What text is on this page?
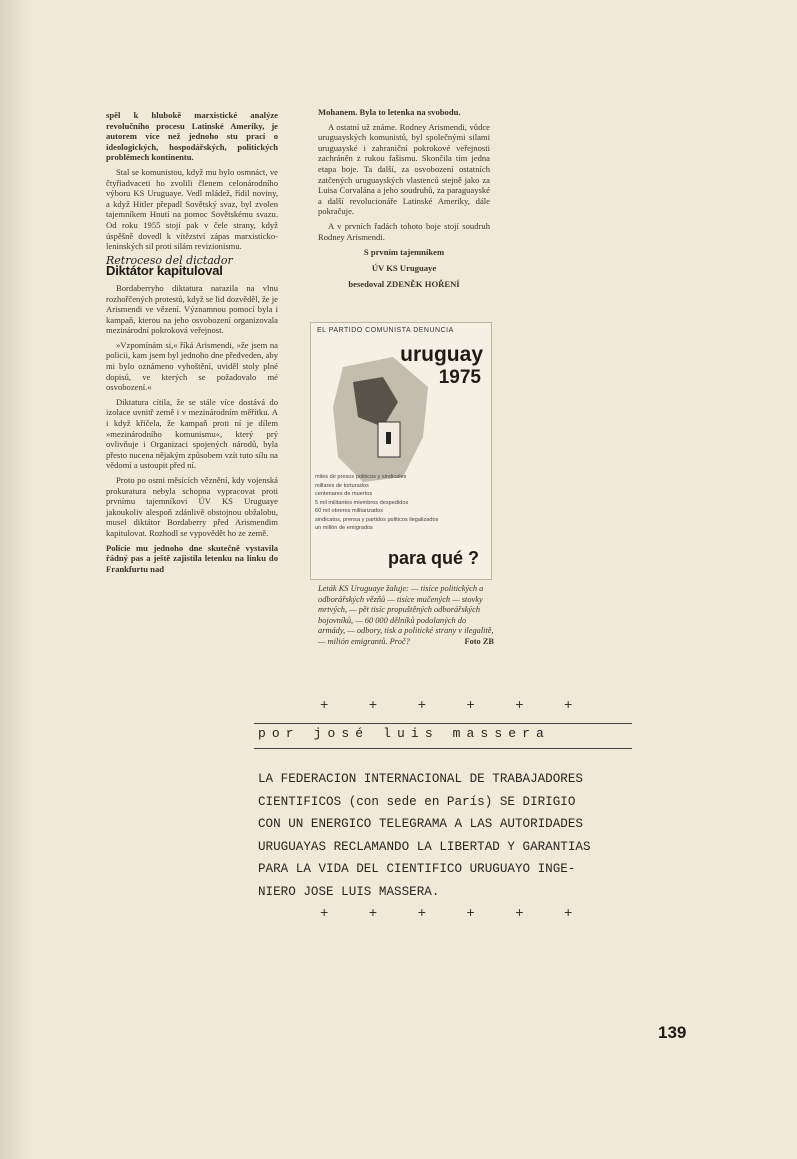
spěl k hlubokě marxistické analýze revolučního procesu Latinské Ameriky, je autorem více než jednoho stu prací o ideologických, hospodářských, politických problémech kontinentu.

Stal se komunistou, když mu bylo osmnáct, ve čtyřiadvaceti ho zvolili členem celonárodního výboru KS Uruguaye. Vedl mládež, řídil noviny, a když Hitler přepadl Sovětský svaz, byl zvolen tajemníkem Hnutí na pomoc Sovětskému svazu. Od roku 1955 stojí pak v čele strany, když úspěšně dovedl k vítězství zápas marxisticko-leninských sil proti silám revizionismu.

Retroceso del dictador
Diktátor kapituloval

Bordaberryho diktatura narazila na vlnu rozhořčených protestů, když se lid dozvěděl, že je Arismendi ve vězení. Významnou pomocí byla i kampaň, kterou na jeho osvobození organizovala mezinárodní pokroková veřejnost.

»Vzpomínám si,« říká Arismendi, »že jsem na policii, kam jsem byl jednoho dne předveden, aby mi bylo oznámeno vyhoštění, uviděl stoly plné dopisů, ve kterých se požadovalo mé osvobození.«

Diktatura cítila, že se stále více dostává do izolace uvnitř země i v mezinárodním měřítku. A i když křičela, že kampaň proti ní je dílem »mezinárodního komunismu«, který prý ovlivňuje i Organizaci spojených národů, byla přesto nucena nějakým způsobem vzít tuto sílu na vědomí a ustoupit před ní.

Proto po osmi měsících věznění, kdy vojenská prokuratura nebyla schopna vypracovat proti prvnímu tajemníkovi ÚV KS Uruguaye jakoukoliv alespoň zdánlivě obstojnou obžalobu, musel diktátor Bordaberry před Arismendim kapitulovat. Rozhodl se vypovědět ho ze země.

Policie mu jednoho dne skutečně vystavila řádný pas a ještě zajistila letenku na linku do Frankfurtu nad

Mohanem. Byla to letenka na svobodu.

A ostatní už známe. Rodney Arismendi, vůdce uruguayských komunistů, byl společnými silami uruguayské i zahraniční pokrokové veřejnosti zachráněn z rukou fašismu. Skončila tím jedna etapa boje. Ta další, za osvobození ostatních zatčených uruguayských vlastenců stejně jako za Luisa Corvalána a jeho soudruhů, za paraguayské a další revolucionáře Latinské Ameriky, dále pokračuje.

A v prvních řadách tohoto boje stojí soudruh Rodney Arismendi.

S prvním tajemníkem
ÚV KS Uruguaye
besedoval ZDENĚK HOŘENÍ
EL PARTIDO COMUNISTA DENUNCIA
uruguay
1975
miles de presos politicos y sindicales
millares de torturados
centenares de muertos
5 mil militantes miembros despedidos
60 mil obreros militarizados
sindicatos, prensa y partidos politicos ilegalizados
un millón de emigrados
para qué ?
Leták KS Uruguaye žaluje: — tisíce politických a odborářských vězňů — tisíce mučených — stovky mrtvých, — pět tisíc propuštěných odborářských bojovníků, — 60 000 dělníků podolaných do armády, — odbory, tisk a politické strany v ilegalitě, — milión emigrantů. Proč?	Foto ZB
+ + + + + +
por josé luis massera
LA FEDERACION INTERNACIONAL DE TRABAJADORES
CIENTIFICOS (con sede en París) SE DIRIGIO
CON UN ENERGICO TELEGRAMA A LAS AUTORIDADES
URUGUAYAS RECLAMANDO LA LIBERTAD Y GARANTIAS
PARA LA VIDA DEL CIENTIFICO URUGUAYO INGE-
NIERO JOSE LUIS MASSERA.
+ + + + + +
139
